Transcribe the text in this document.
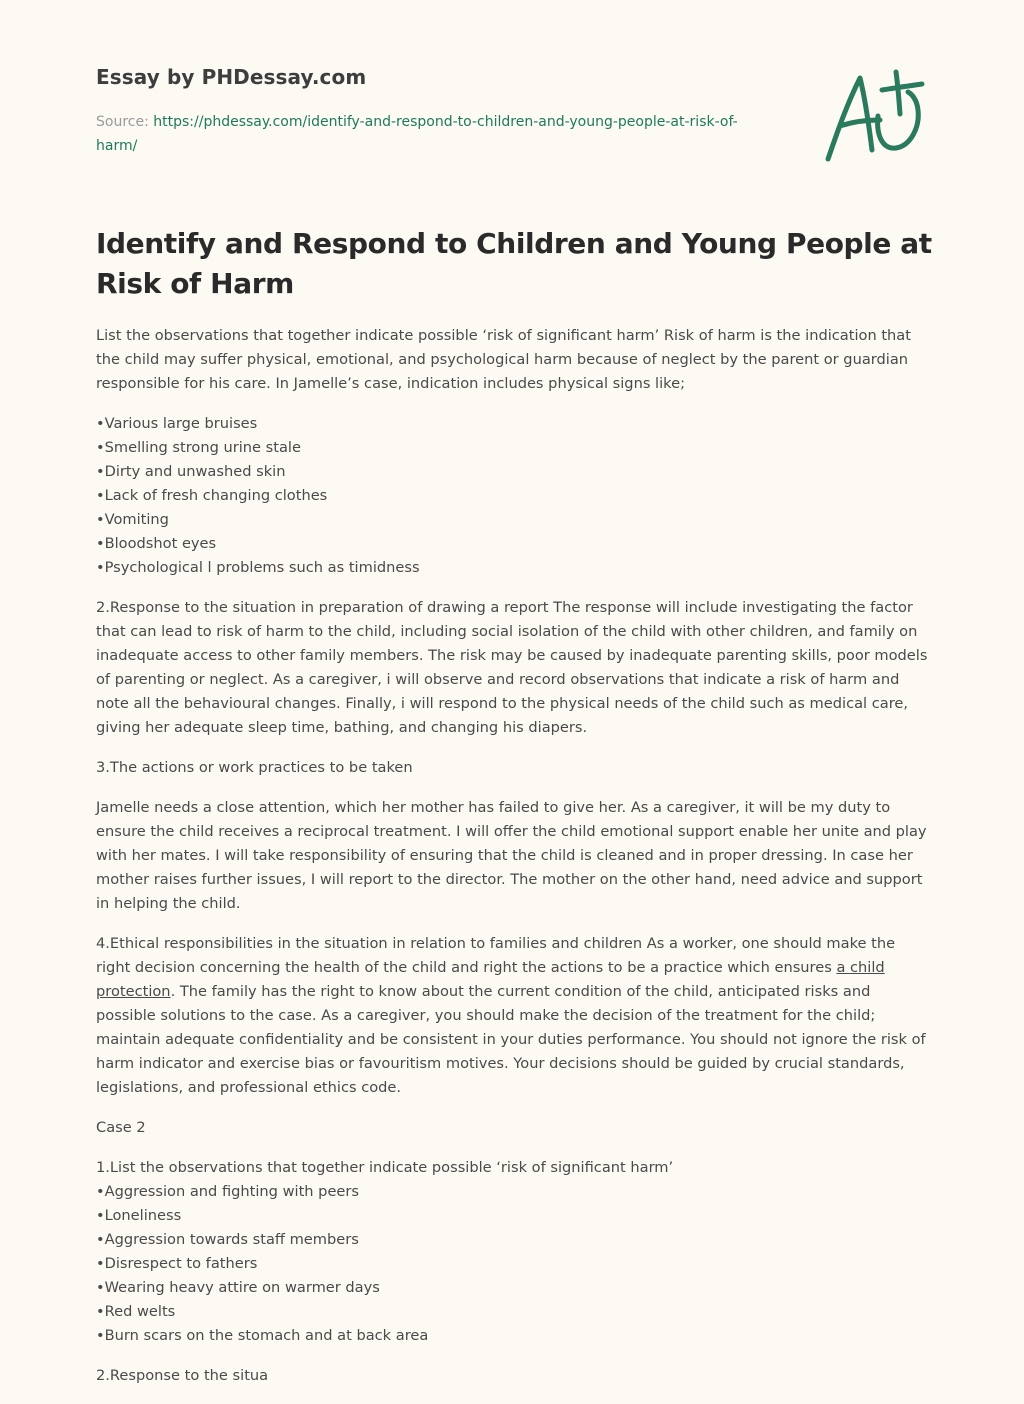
Essay by PHDessay.com
Source: https://phdessay.com/identify-and-respond-to-children-and-young-people-at-risk-of-harm/
Identify and Respond to Children and Young People at Risk of Harm

List the observations that together indicate possible ‘risk of significant harm’ Risk of harm is the indication that the child may suffer physical, emotional, and psychological harm because of neglect by the parent or guardian responsible for his care. In Jamelle’s case, indication includes physical signs like;

•Various large bruises
•Smelling strong urine stale
•Dirty and unwashed skin
•Lack of fresh changing clothes
•Vomiting
•Bloodshot eyes
•Psychological l problems such as timidness

2.Response to the situation in preparation of drawing a report The response will include investigating the factor that can lead to risk of harm to the child, including social isolation of the child with other children, and family on inadequate access to other family members. The risk may be caused by inadequate parenting skills, poor models of parenting or neglect. As a caregiver, i will observe and record observations that indicate a risk of harm and note all the behavioural changes. Finally, i will respond to the physical needs of the child such as medical care, giving her adequate sleep time, bathing, and changing his diapers.

3.The actions or work practices to be taken

Jamelle needs a close attention, which her mother has failed to give her. As a caregiver, it will be my duty to ensure the child receives a reciprocal treatment. I will offer the child emotional support enable her unite and play with her mates. I will take responsibility of ensuring that the child is cleaned and in proper dressing. In case her mother raises further issues, I will report to the director. The mother on the other hand, need advice and support in helping the child.

4.Ethical responsibilities in the situation in relation to families and children As a worker, one should make the right decision concerning the health of the child and right the actions to be a practice which ensures a child protection. The family has the right to know about the current condition of the child, anticipated risks and possible solutions to the case. As a caregiver, you should make the decision of the treatment for the child; maintain adequate confidentiality and be consistent in your duties performance. You should not ignore the risk of harm indicator and exercise bias or favouritism motives. Your decisions should be guided by crucial standards, legislations, and professional ethics code.

Case 2

1.List the observations that together indicate possible ‘risk of significant harm’
•Aggression and fighting with peers
•Loneliness
•Aggression towards staff members
•Disrespect to fathers
•Wearing heavy attire on warmer days
•Red welts
•Burn scars on the stomach and at back area

2.Response to the situa
